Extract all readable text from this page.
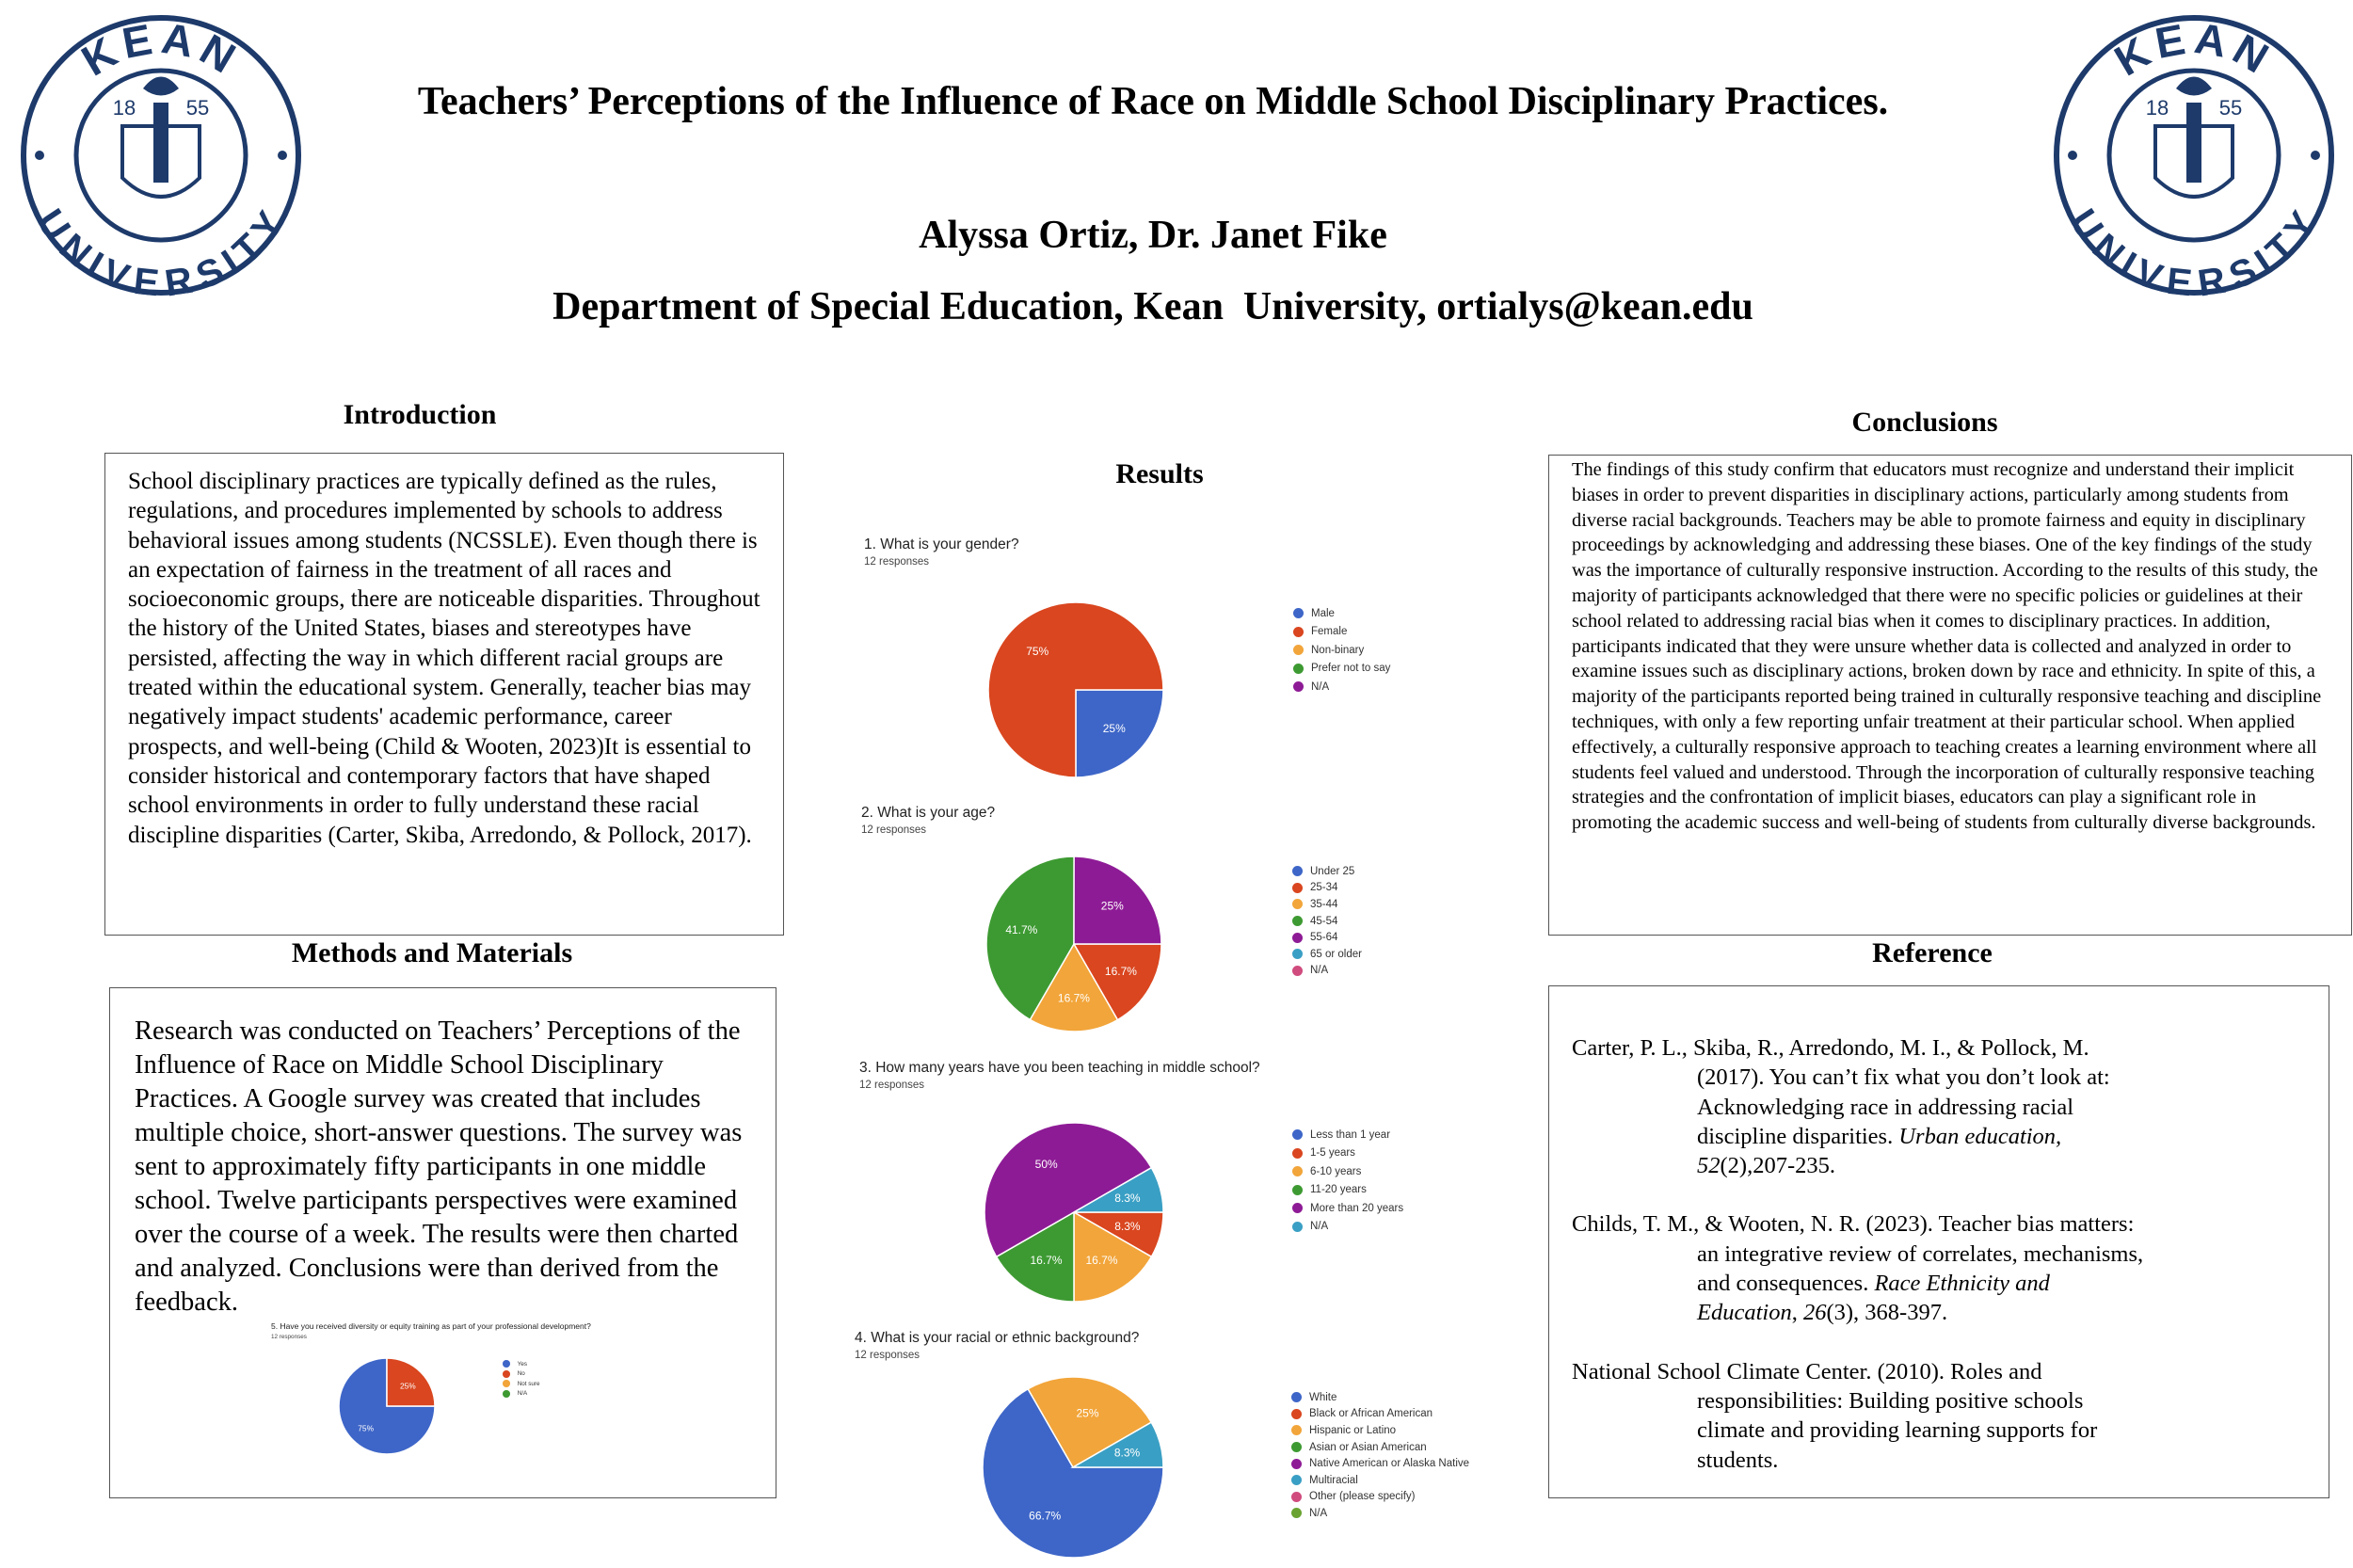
KEAN
UNIVERSITY
18 55
KEAN
UNIVERSITY
18 55
Teachers’ Perceptions of the Influence of Race on Middle School Disciplinary Practices.
Alyssa Ortiz, Dr. Janet Fike
Department of Special Education, Kean  University, ortialys@kean.edu
Introduction
School disciplinary practices are typically defined as the rules, regulations, and procedures implemented by schools to address behavioral issues among students (NCSSLE). Even though there is an expectation of fairness in the treatment of all races and socioeconomic groups, there are noticeable disparities. Throughout the history of the United States, biases and stereotypes have persisted, affecting the way in which different racial groups are treated within the educational system. Generally, teacher bias may negatively impact students' academic performance, career prospects, and well-being (Child & Wooten, 2023)It is essential to consider historical and contemporary factors that have shaped school environments in order to fully understand these racial discipline disparities (Carter, Skiba, Arredondo, & Pollock, 2017).
Methods and Materials
Research was conducted on Teachers’ Perceptions of the Influence of Race on Middle School Disciplinary Practices. A Google survey was created that includes multiple choice, short-answer questions. The survey was sent to approximately fifty participants in one middle school. Twelve participants perspectives were examined over the course of a week. The results were then charted and analyzed. Conclusions were than derived from the feedback.
Results
1. What is your gender?
12 responses
25%
75%
Male
Female
Non-binary
Prefer not to say
N/A
2. What is your age?
12 responses
16.7%
16.7%
41.7%
25%
Under 25
25-34
35-44
45-54
55-64
65 or older
N/A
3. How many years have you been teaching in middle school?
12 responses
8.3%
16.7%
16.7%
50%
8.3%
Less than 1 year
1-5 years
6-10 years
11-20 years
More than 20 years
N/A
4. What is your racial or ethnic background?
12 responses
66.7%
25%
8.3%
White
Black or African American
Hispanic or Latino
Asian or Asian American
Native American or Alaska Native
Multiracial
Other (please specify)
N/A
5. Have you received diversity or equity training as part of your professional development?
12 responses
75%
25%
Yes
No
Not sure
N/A
Conclusions
The findings of this study confirm that educators must recognize and understand their implicit biases in order to prevent disparities in disciplinary actions, particularly among students from diverse racial backgrounds. Teachers may be able to promote fairness and equity in disciplinary proceedings by acknowledging and addressing these biases. One of the key findings of the study was the importance of culturally responsive instruction. According to the results of this study, the majority of participants acknowledged that there were no specific policies or guidelines at their school related to addressing racial bias when it comes to disciplinary practices. In addition, participants indicated that they were unsure whether data is collected and analyzed in order to examine issues such as disciplinary actions, broken down by race and ethnicity. In spite of this, a majority of the participants reported being trained in culturally responsive teaching and discipline techniques, with only a few reporting unfair treatment at their particular school. When applied effectively, a culturally responsive approach to teaching creates a learning environment where all students feel valued and understood. Through the incorporation of culturally responsive teaching strategies and the confrontation of implicit biases, educators can play a significant role in promoting the academic success and well-being of students from culturally diverse backgrounds.
Reference
Carter, P. L., Skiba, R., Arredondo, M. I., & Pollock, M. (2017). You can’t fix what you don’t look at: Acknowledging race in addressing racial discipline disparities. Urban education, 52(2),207-235.
Childs, T. M., & Wooten, N. R. (2023). Teacher bias matters: an integrative review of correlates, mechanisms, and consequences. Race Ethnicity and Education, 26(3), 368-397.
National School Climate Center. (2010). Roles and responsibilities: Building positive schools climate and providing learning supports for students.
